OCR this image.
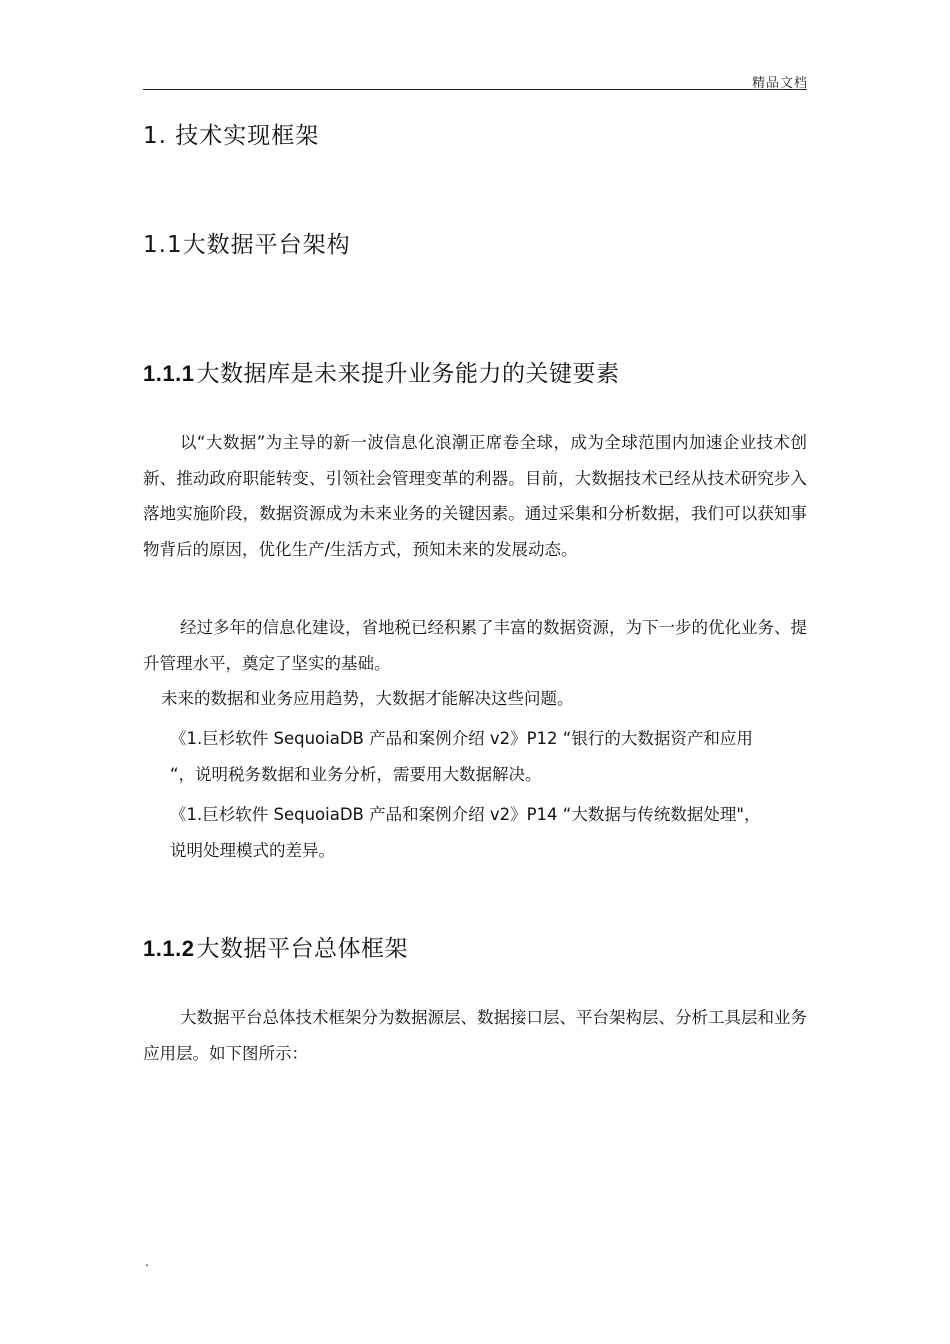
精品文档
1. 技术实现框架
1.1大数据平台架构
1.1.1大数据库是未来提升业务能力的关键要素
以“大数据”为主导的新一波信息化浪潮正席卷全球，成为全球范围内加速企业技术创新、推动政府职能转变、引领社会管理变革的利器。目前，大数据技术已经从技术研究步入落地实施阶段，数据资源成为未来业务的关键因素。通过采集和分析数据，我们可以获知事物背后的原因，优化生产/生活方式，预知未来的发展动态。
经过多年的信息化建设，省地税已经积累了丰富的数据资源，为下一步的优化业务、提升管理水平，奠定了坚实的基础。
未来的数据和业务应用趋势，大数据才能解决这些问题。
《1.巨杉软件 SequoiaDB 产品和案例介绍 v2》P12 “银行的大数据资产和应用
“，说明税务数据和业务分析，需要用大数据解决。
《1.巨杉软件 SequoiaDB 产品和案例介绍 v2》P14 “大数据与传统数据处理"，
说明处理模式的差异。
1.1.2大数据平台总体框架
大数据平台总体技术框架分为数据源层、数据接口层、平台架构层、分析工具层和业务应用层。如下图所示：
.
